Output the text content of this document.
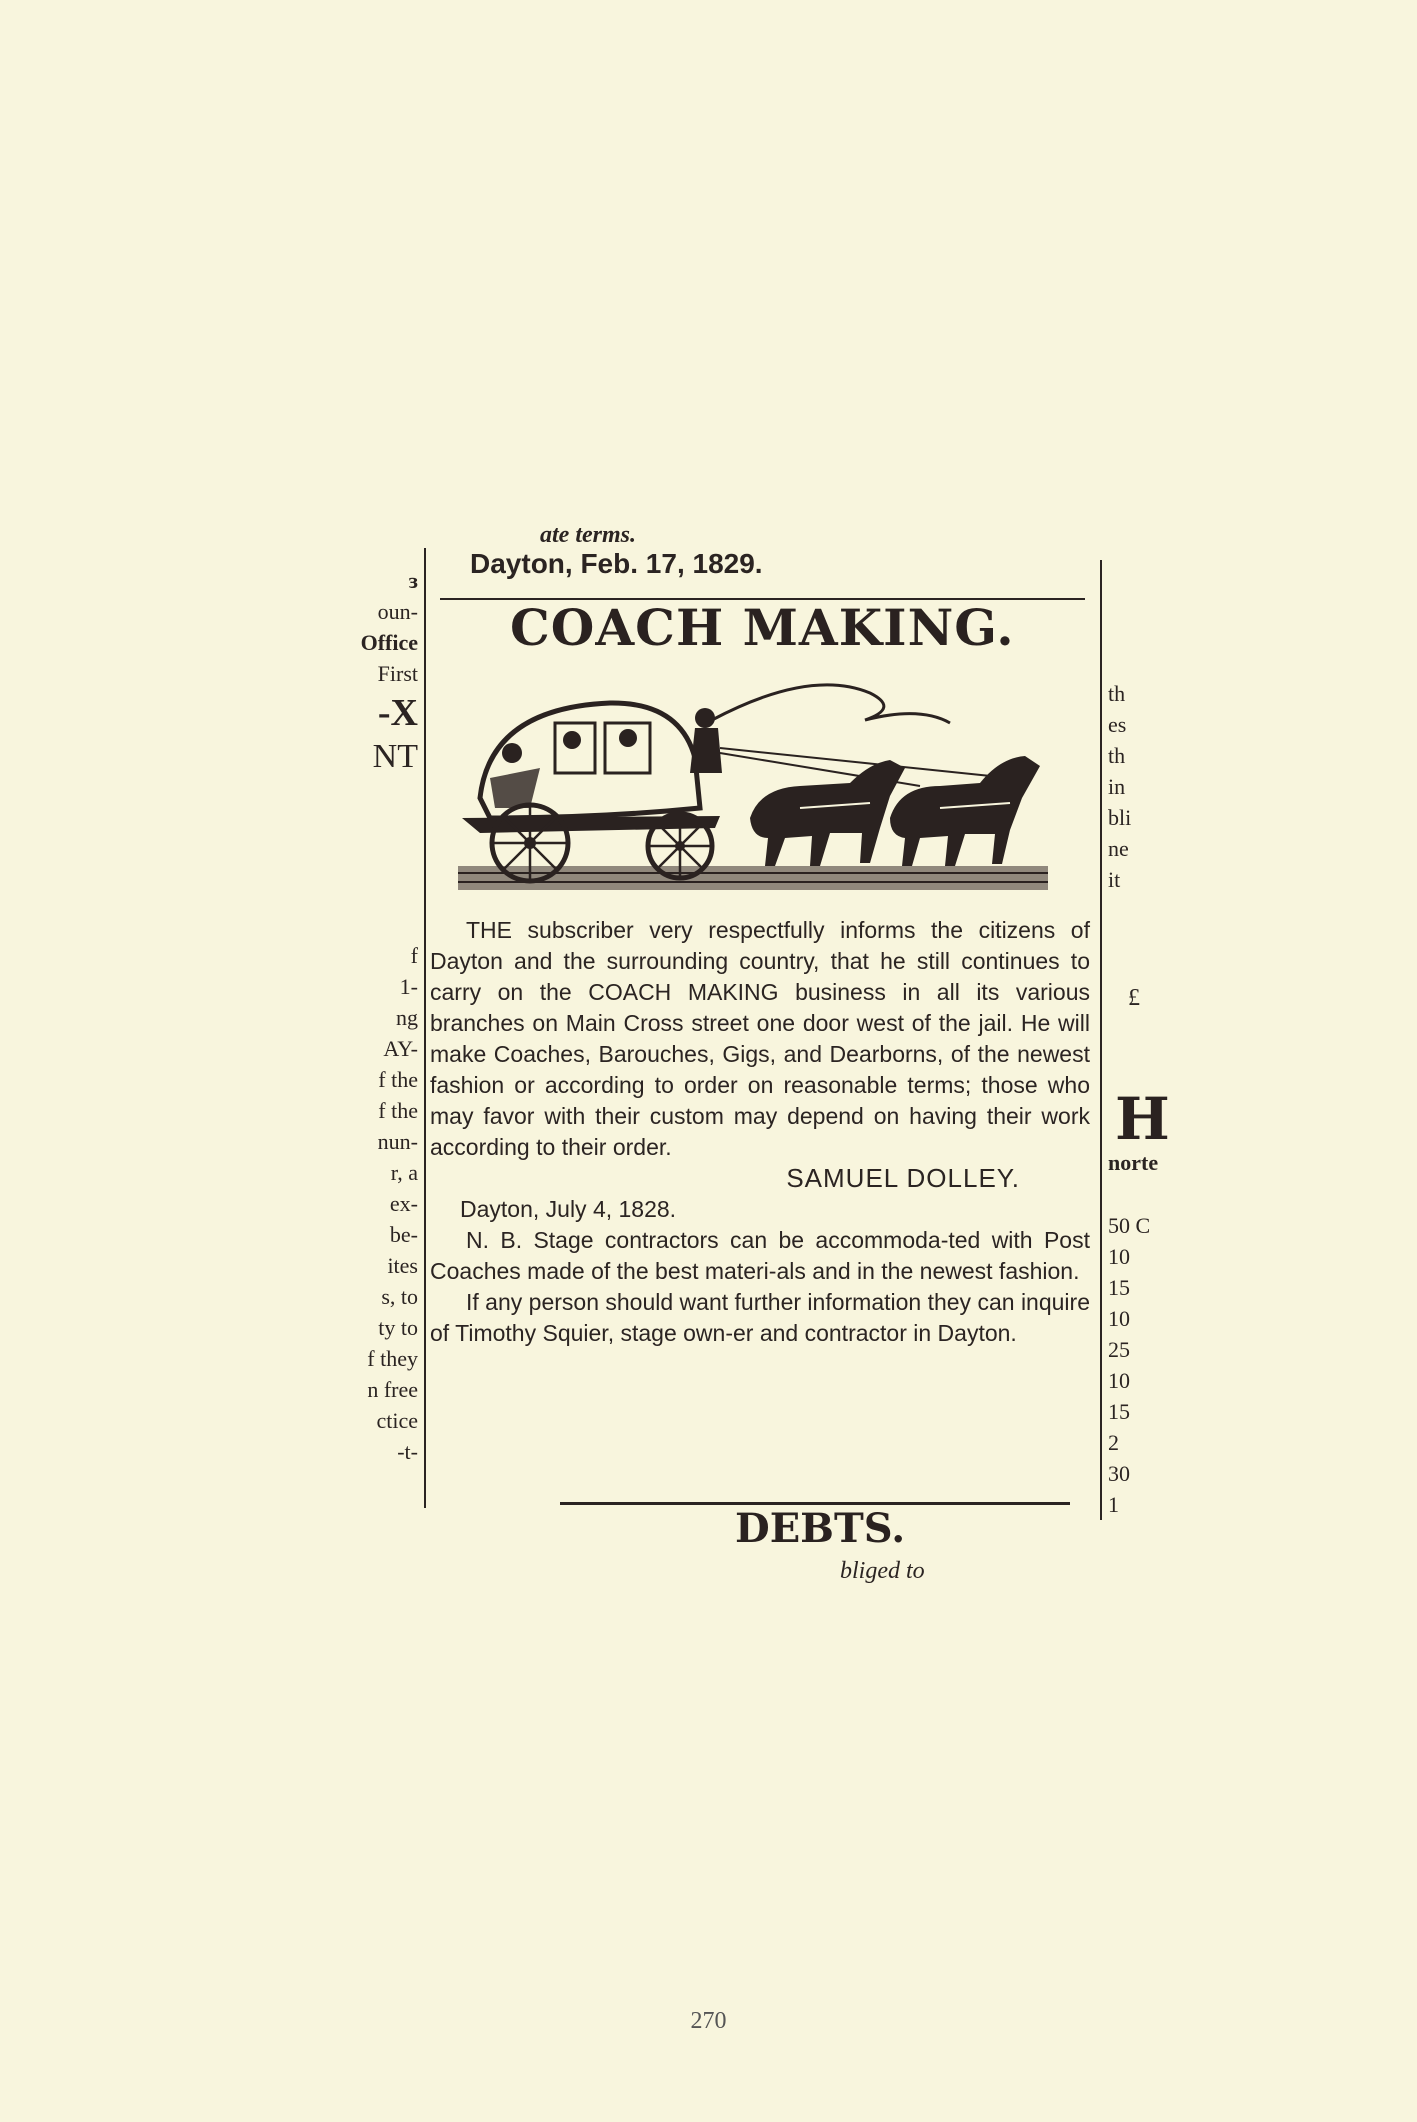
ɜ
oun-
Office
First
-X
NT
f
1-
ng
AY-
f the
f the
nun-
r, a
ex-
be-
ites
s, to
ty to
f they
n free
ctice
-t-
th
es
th
in
bli
ne
it
£
H
norte
50 C
10
15
10
25
10
15
2
30
1
ate terms.
Dayton, Feb. 17, 1829.
COACH MAKING.

THE subscriber very respectfully informs the citizens of Dayton and the surrounding country, that he still continues to carry on the COACH MAKING business in all its various branches on Main Cross street one door west of the jail. He will make Coaches, Barouches, Gigs, and Dearborns, of the newest fashion or according to order on reasonable terms; those who may favor with their custom may depend on having their work according to their order.

SAMUEL DOLLEY.

Dayton, July 4, 1828.

N. B. Stage contractors can be accommoda-ted with Post Coaches made of the best materi-als and in the newest fashion.

If any person should want further information they can inquire of Timothy Squier, stage own-er and contractor in Dayton.

DEBTS.
bliged to
270
